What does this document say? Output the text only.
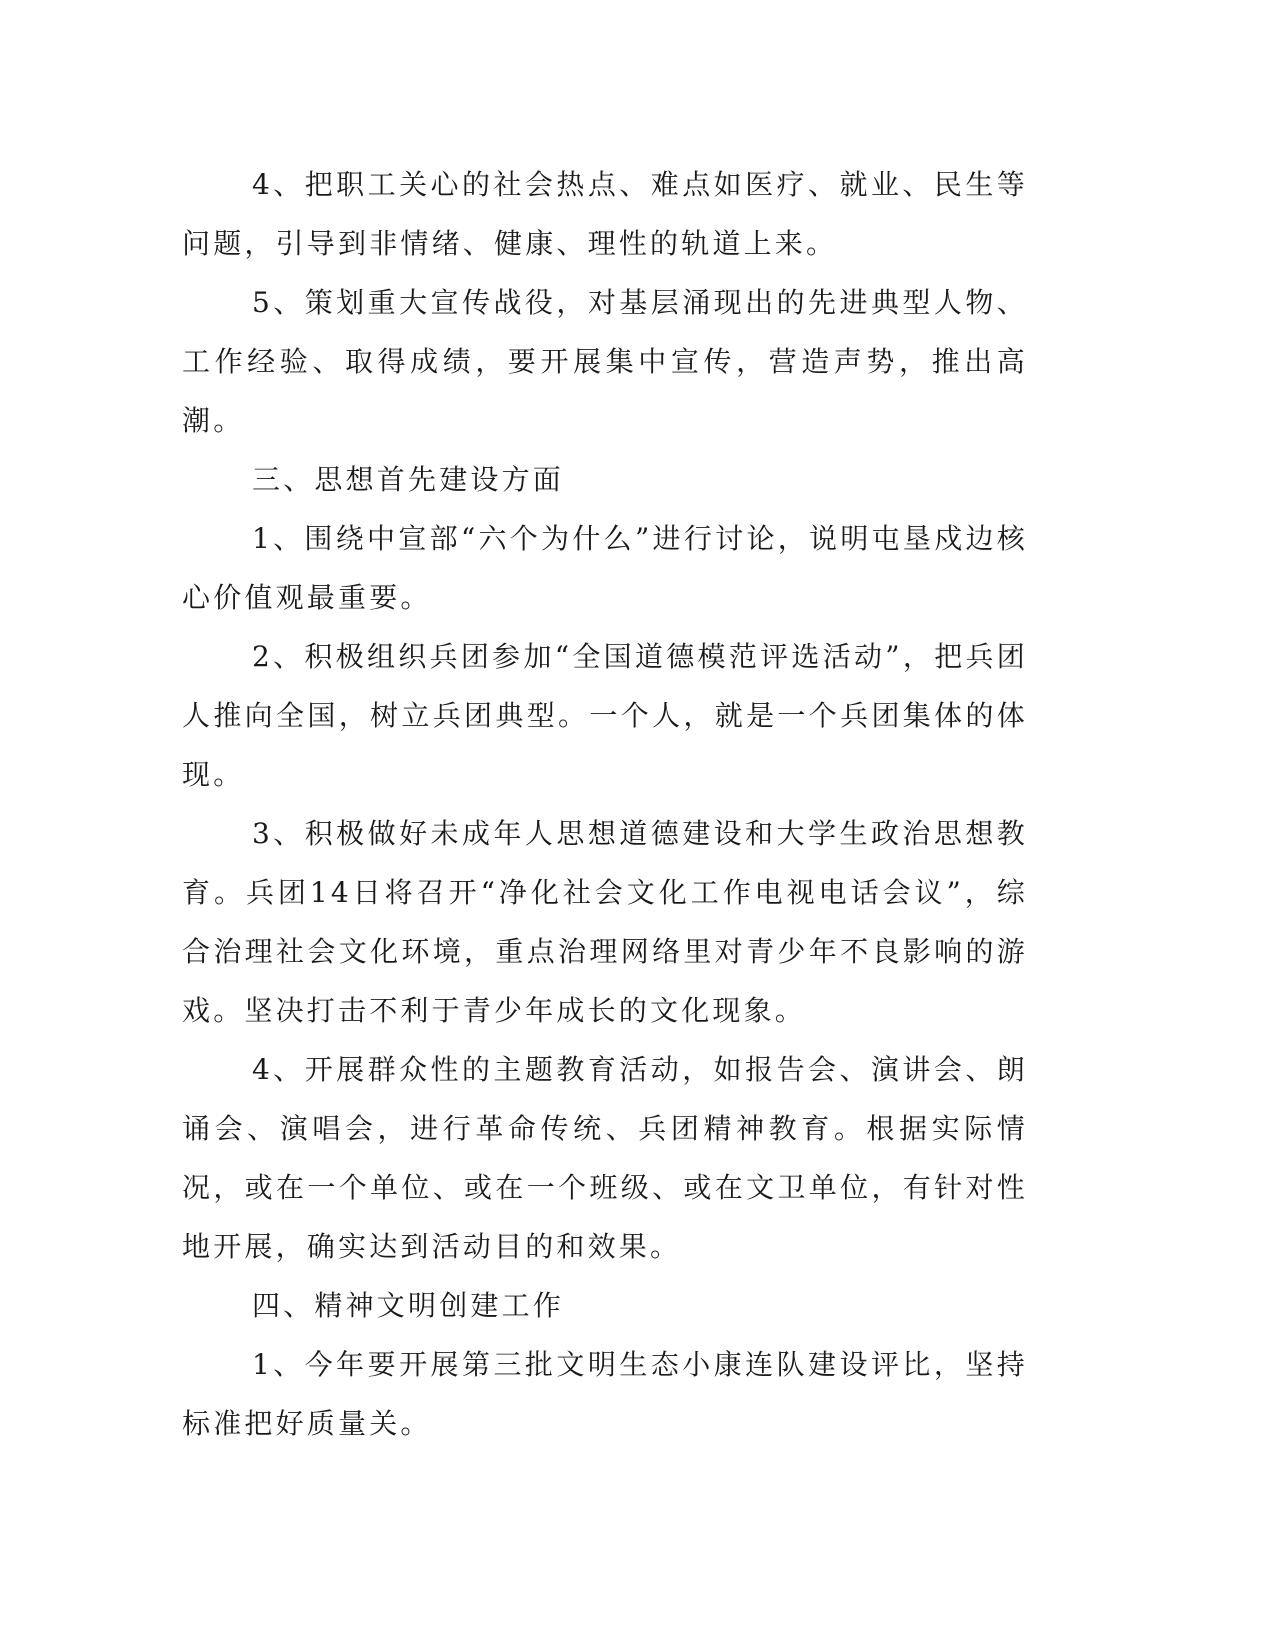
4、把职工关心的社会热点、难点如医疗、就业、民生等问题，引导到非情绪、健康、理性的轨道上来。

5、策划重大宣传战役，对基层涌现出的先进典型人物、工作经验、取得成绩，要开展集中宣传，营造声势，推出高潮。

三、思想首先建设方面

1、围绕中宣部“六个为什么”进行讨论，说明屯垦戍边核心价值观最重要。

2、积极组织兵团参加“全国道德模范评选活动”，把兵团人推向全国，树立兵团典型。一个人，就是一个兵团集体的体现。

3、积极做好未成年人思想道德建设和大学生政治思想教育。兵团14日将召开“净化社会文化工作电视电话会议”，综合治理社会文化环境，重点治理网络里对青少年不良影响的游戏。坚决打击不利于青少年成长的文化现象。

4、开展群众性的主题教育活动，如报告会、演讲会、朗诵会、演唱会，进行革命传统、兵团精神教育。根据实际情况，或在一个单位、或在一个班级、或在文卫单位，有针对性地开展，确实达到活动目的和效果。

四、精神文明创建工作

1、今年要开展第三批文明生态小康连队建设评比，坚持标准把好质量关。
